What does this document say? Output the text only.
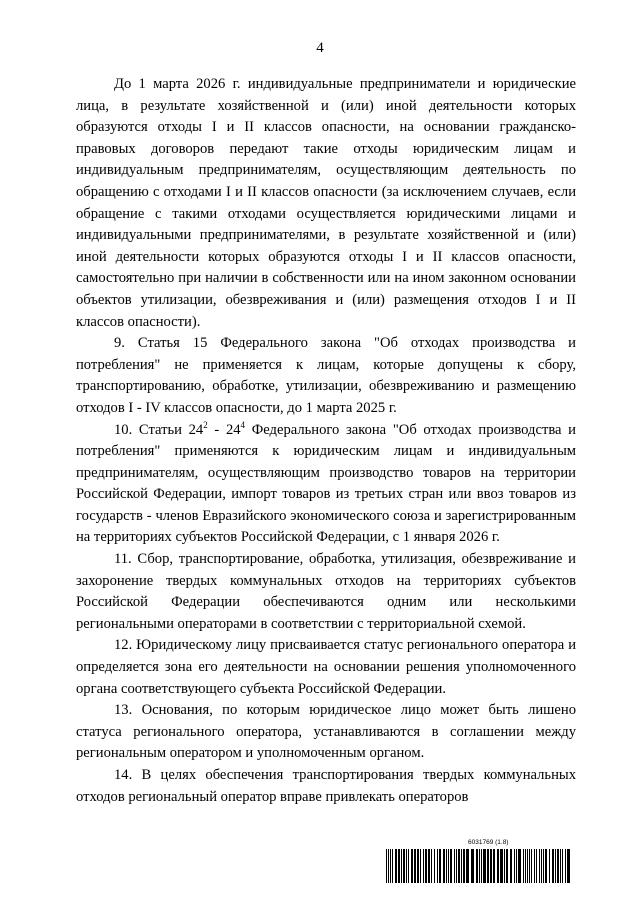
4

До 1 марта 2026 г. индивидуальные предприниматели и юридические лица, в результате хозяйственной и (или) иной деятельности которых образуются отходы I и II классов опасности, на основании гражданско-правовых договоров передают такие отходы юридическим лицам и индивидуальным предпринимателям, осуществляющим деятельность по обращению с отходами I и II классов опасности (за исключением случаев, если обращение с такими отходами осуществляется юридическими лицами и индивидуальными предпринимателями, в результате хозяйственной и (или) иной деятельности которых образуются отходы I и II классов опасности, самостоятельно при наличии в собственности или на ином законном основании объектов утилизации, обезвреживания и (или) размещения отходов I и II классов опасности).

9. Статья 15 Федерального закона "Об отходах производства и потребления" не применяется к лицам, которые допущены к сбору, транспортированию, обработке, утилизации, обезвреживанию и размещению отходов I - IV классов опасности, до 1 марта 2025 г.

10. Статьи $24^2 - 24^4$ Федерального закона "Об отходах производства и потребления" применяются к юридическим лицам и индивидуальным предпринимателям, осуществляющим производство товаров на территории Российской Федерации, импорт товаров из третьих стран или ввоз товаров из государств - членов Евразийского экономического союза и зарегистрированным на территориях субъектов Российской Федерации, с 1 января 2026 г.

11. Сбор, транспортирование, обработка, утилизация, обезвреживание и захоронение твердых коммунальных отходов на территориях субъектов Российской Федерации обеспечиваются одним или несколькими региональными операторами в соответствии с территориальной схемой.

12. Юридическому лицу присваивается статус регионального оператора и определяется зона его деятельности на основании решения уполномоченного органа соответствующего субъекта Российской Федерации.

13. Основания, по которым юридическое лицо может быть лишено статуса регионального оператора, устанавливаются в соглашении между региональным оператором и уполномоченным органом.

14. В целях обеспечения транспортирования твердых коммунальных отходов региональный оператор вправе привлекать операторов

6031769 (1.8)
